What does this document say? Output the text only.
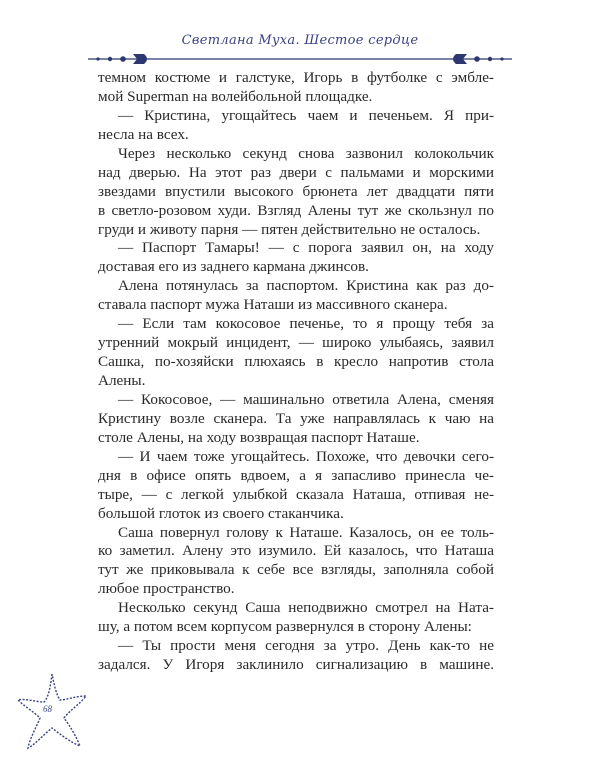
Светлана Муха. Шестое сердце
темном костюме и галстуке, Игорь в футболке с эмбле-
мой Superman на волейбольной площадке.
— Кристина, угощайтесь чаем и печеньем. Я при-
несла на всех.
Через несколько секунд снова зазвонил колокольчик
над дверью. На этот раз двери с пальмами и морскими
звездами впустили высокого брюнета лет двадцати пяти
в светло-розовом худи. Взгляд Алены тут же скользнул по
груди и животу парня — пятен действительно не осталось.
— Паспорт Тамары! — с порога заявил он, на ходу
доставая его из заднего кармана джинсов.
Алена потянулась за паспортом. Кристина как раз до-
ставала паспорт мужа Наташи из массивного сканера.
— Если там кокосовое печенье, то я прощу тебя за
утренний мокрый инцидент, — широко улыбаясь, заявил
Сашка, по-хозяйски плюхаясь в кресло напротив стола
Алены.
— Кокосовое, — машинально ответила Алена, сменяя
Кристину возле сканера. Та уже направлялась к чаю на
столе Алены, на ходу возвращая паспорт Наташе.
— И чаем тоже угощайтесь. Похоже, что девочки сего-
дня в офисе опять вдвоем, а я запасливо принесла че-
тыре, — с легкой улыбкой сказала Наташа, отпивая не-
большой глоток из своего стаканчика.
Саша повернул голову к Наташе. Казалось, он ее толь-
ко заметил. Алену это изумило. Ей казалось, что Наташа
тут же приковывала к себе все взгляды, заполняла собой
любое пространство.
Несколько секунд Саша неподвижно смотрел на Ната-
шу, а потом всем корпусом развернулся в сторону Алены:
— Ты прости меня сегодня за утро. День как-то не
задался. У Игоря заклинило сигнализацию в машине.
68
